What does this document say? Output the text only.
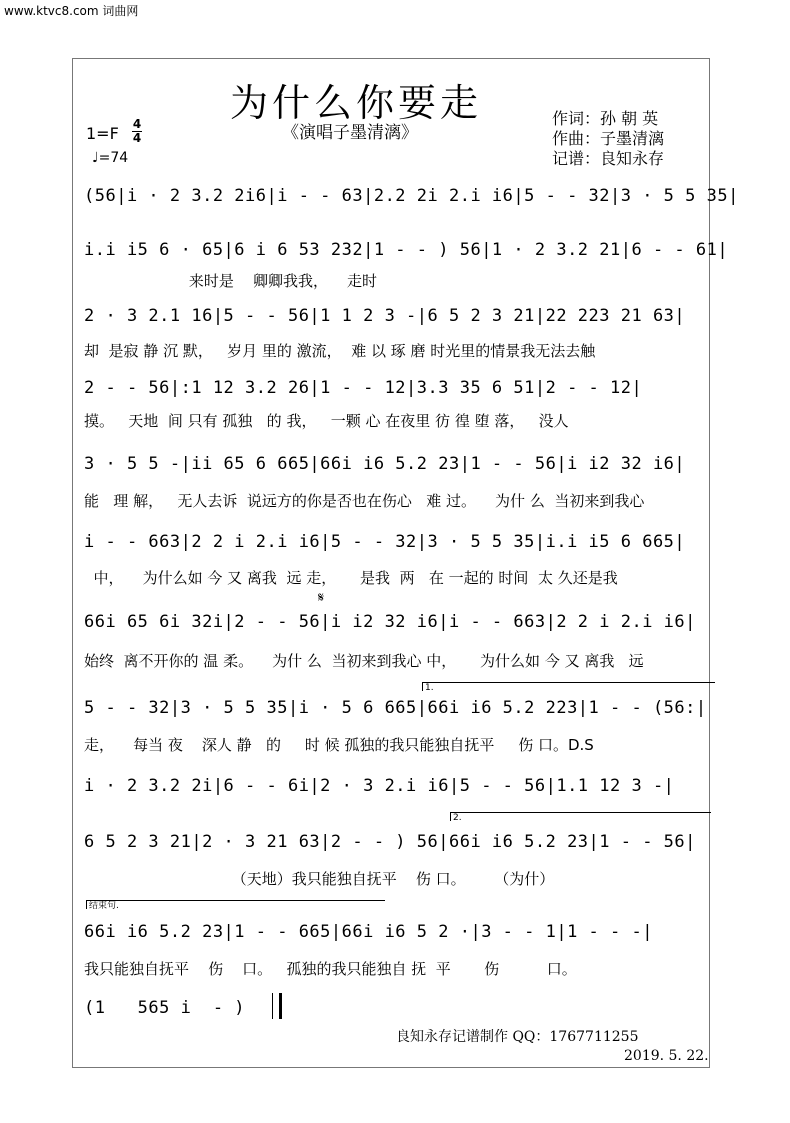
www.ktvc8.com 词曲网
为什么你要走
《演唱子墨清漓》
作词：孙 朝 英
作曲：子墨清漓
记谱：良知永存
1=F 4
4
♩=74
(56|i · 2 3.2 2i6|i - - 63|2.2 2i 2.i i6|5 - - 32|3 · 5 5 35|
i.i i5 6 · 65|6 i 6 53 232|1 - - ) 56|1 · 2 3.2 21|6 - - 61|
来时是    卿卿我我，    走时
2 · 3 2.1 16|5 - - 56|1 1 2 3 -|6 5 2 3 21|22 223 21 63|
却  是寂 静 沉 默，   岁月 里的 激流，  难 以 琢 磨 时光里的情景我无法去触
2 - - 56|:1 12 3.2 26|1 - - 12|3.3 35 6 51|2 - - 12|
摸。   天地  间 只有 孤独   的 我，   一颗 心 在夜里 彷 徨 堕 落，   没人
3 · 5 5 -|ii 65 6 665|66i i6 5.2 23|1 - - 56|i i2 32 i6|
能   理 解，   无人去诉  说远方的你是否也在伤心   难 过。    为什 么  当初来到我心
i - - 663|2 2 i 2.i i6|5 - - 32|3 · 5 5 35|i.i i5 6 665|
中，    为什么如 今 又 离我  远 走，     是我  两   在 一起的 时间  太 久还是我
𝄋
66i 65 6i 32i|2 - - 56|i i2 32 i6|i - - 663|2 2 i 2.i i6|
始终  离不开你的 温 柔。    为什 么  当初来到我心 中，     为什么如 今 又 离我   远
1.
5 - - 32|3 · 5 5 35|i · 5 6 665|66i i6 5.2 223|1 - - (56:|
走，    每当 夜    深人 静   的     时 候 孤独的我只能独自抚平     伤 口。D.S
i · 2 3.2 2i|6 - - 6i|2 · 3 2.i i6|5 - - 56|1.1 12 3 -|
2.
6 5 2 3 21|2 · 3 21 63|2 - - ) 56|66i i6 5.2 23|1 - - 56|
（天地）我只能独自抚平    伤 口。      （为什）
结束句.
66i i6 5.2 23|1 - - 665|66i i6 5 2 ·|3 - - 1|1 - - -|
我只能独自抚平    伤    口。   孤独的我只能独自 抚  平       伤          口。
(1   565 i  - )
良知永存记谱制作 QQ：1767711255
2019. 5. 22.
